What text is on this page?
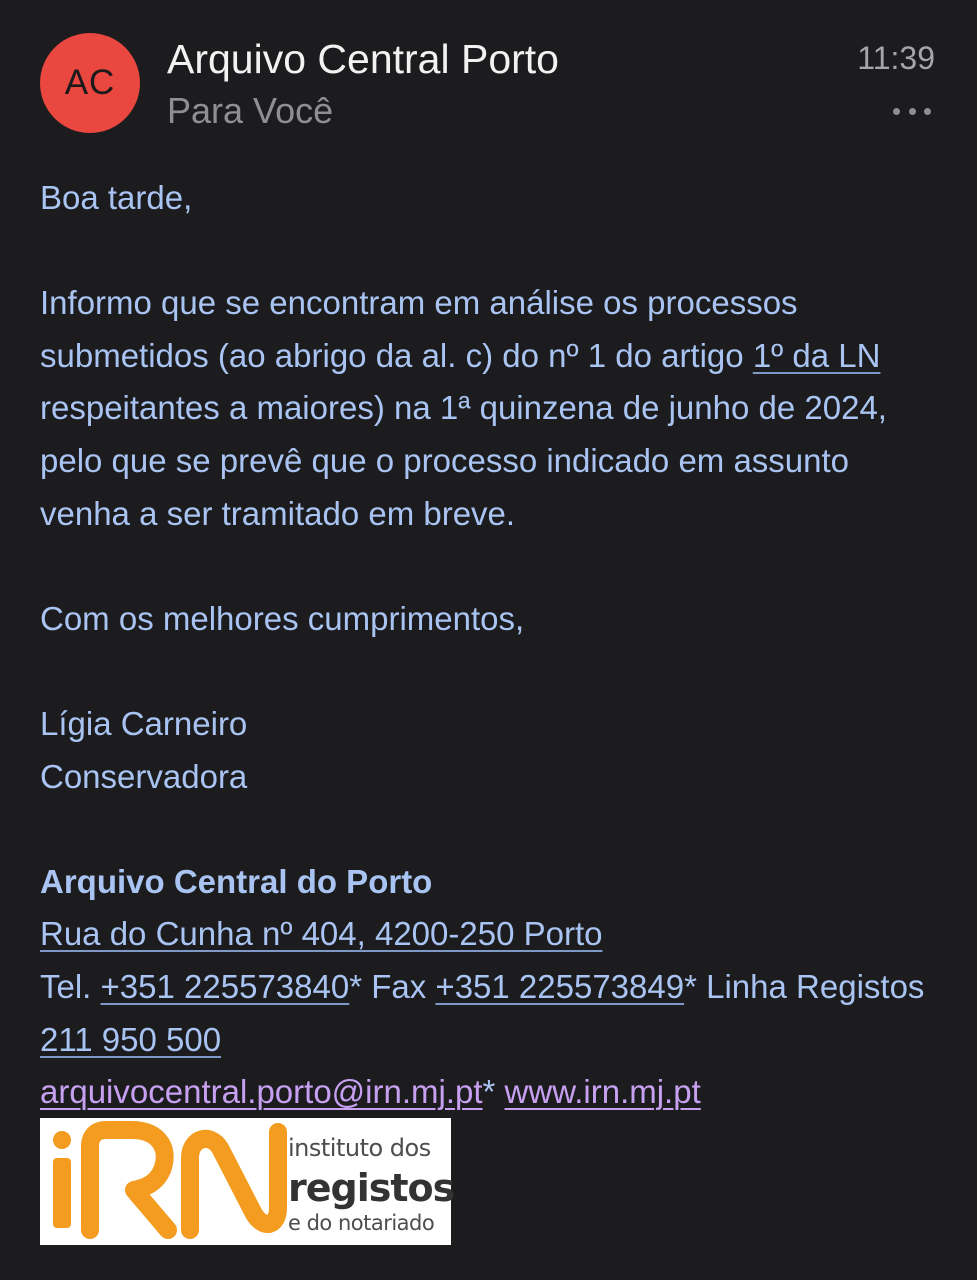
AC
Arquivo Central Porto
Para Você
11:39

Boa tarde,

Informo que se encontram em análise os processos submetidos (ao abrigo da al. c) do nº 1 do artigo 1º da LN respeitantes a maiores) na 1ª quinzena de junho de 2024, pelo que se prevê que o processo indicado em assunto venha a ser tramitado em breve.

Com os melhores cumprimentos,

Lígia Carneiro

Conservadora

Arquivo Central do Porto

Rua do Cunha nº 404, 4200-250 Porto

Tel. +351 225573840* Fax +351 225573849* Linha Registos 211 950 500

arquivocentral.porto@irn.mj.pt* www.irn.mj.pt

instituto dos
registos
e do notariado
